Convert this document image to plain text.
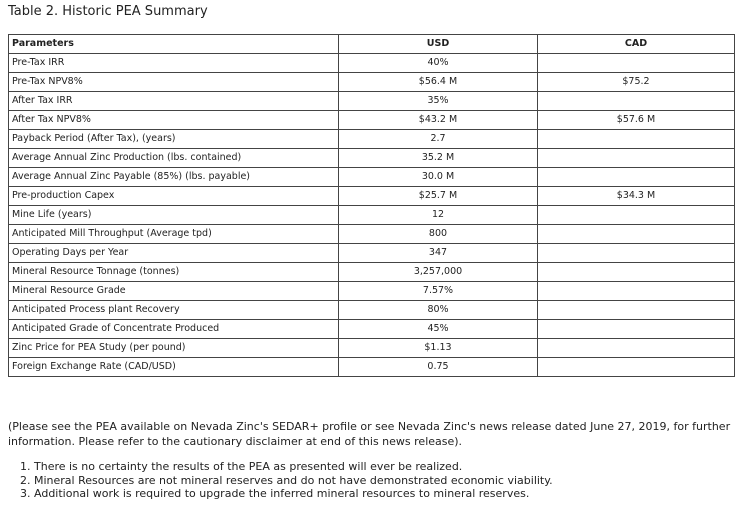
Table 2. Historic PEA Summary

Parameters	USD	CAD
Pre-Tax IRR	40%	
Pre-Tax NPV8%	$56.4 M	$75.2
After Tax IRR	35%	
After Tax NPV8%	$43.2 M	$57.6 M
Payback Period (After Tax), (years)	2.7	
Average Annual Zinc Production (lbs. contained)	35.2 M	
Average Annual Zinc Payable (85%) (lbs. payable)	30.0 M	
Pre-production Capex	$25.7 M	$34.3 M
Mine Life (years)	12	
Anticipated Mill Throughput (Average tpd)	800	
Operating Days per Year	347	
Mineral Resource Tonnage (tonnes)	3,257,000	
Mineral Resource Grade	7.57%	
Anticipated Process plant Recovery	80%	
Anticipated Grade of Concentrate Produced	45%	
Zinc Price for PEA Study (per pound)	$1.13	
Foreign Exchange Rate (CAD/USD)	0.75	

(Please see the PEA available on Nevada Zinc's SEDAR+ profile or see Nevada Zinc's news release dated June 27, 2019, for further information. Please refer to the cautionary disclaimer at end of this news release).

1. There is no certainty the results of the PEA as presented will ever be realized.
2. Mineral Resources are not mineral reserves and do not have demonstrated economic viability.
3. Additional work is required to upgrade the inferred mineral resources to mineral reserves.
